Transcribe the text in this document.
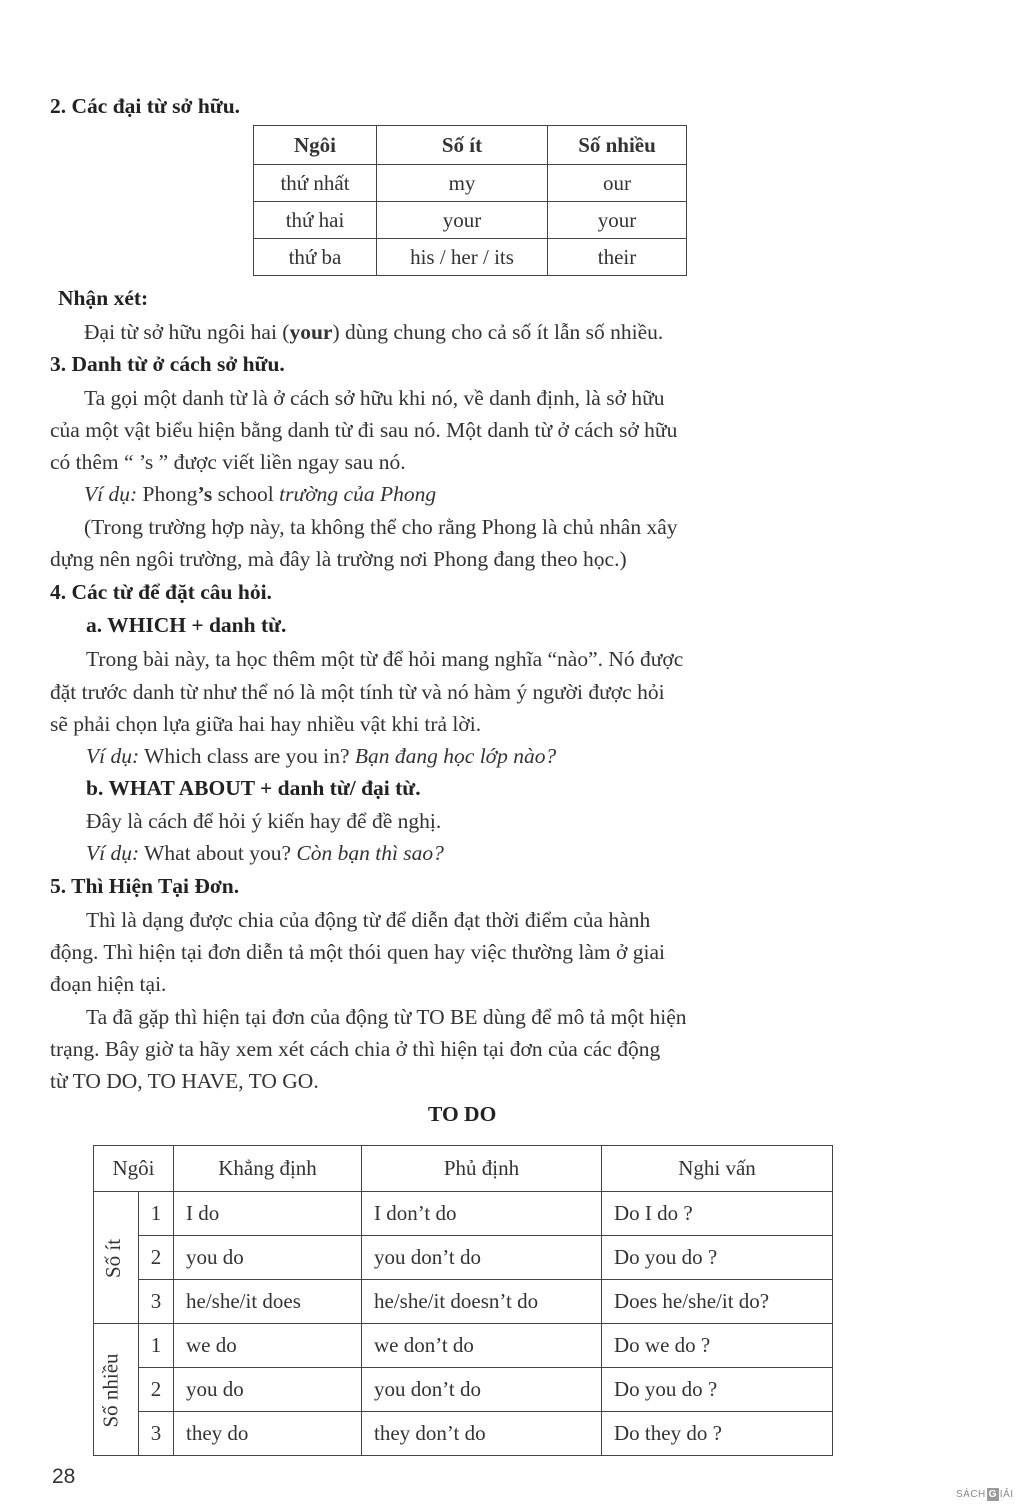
2. Các đại từ sở hữu.
Ngôi	Số ít	Số nhiều
thứ nhất	my	our
thứ hai	your	your
thứ ba	his / her / its	their
Nhận xét:
Đại từ sở hữu ngôi hai (your) dùng chung cho cả số ít lẫn số nhiều.
3. Danh từ ở cách sở hữu.
Ta gọi một danh từ là ở cách sở hữu khi nó, về danh định, là sở hữu
của một vật biểu hiện bằng danh từ đi sau nó. Một danh từ ở cách sở hữu
có thêm “ ’s ” được viết liền ngay sau nó.
Ví dụ: Phong’s school trường của Phong
(Trong trường hợp này, ta không thể cho rằng Phong là chủ nhân xây
dựng nên ngôi trường, mà đây là trường nơi Phong đang theo học.)
4. Các từ để đặt câu hỏi.
a. WHICH + danh từ.
Trong bài này, ta học thêm một từ để hỏi mang nghĩa “nào”. Nó được
đặt trước danh từ như thể nó là một tính từ và nó hàm ý người được hỏi
sẽ phải chọn lựa giữa hai hay nhiều vật khi trả lời.
Ví dụ: Which class are you in? Bạn đang học lớp nào?
b. WHAT ABOUT + danh từ/ đại từ.
Đây là cách để hỏi ý kiến hay để đề nghị.
Ví dụ: What about you? Còn bạn thì sao?
5. Thì Hiện Tại Đơn.
Thì là dạng được chia của động từ để diễn đạt thời điểm của hành
động. Thì hiện tại đơn diễn tả một thói quen hay việc thường làm ở giai
đoạn hiện tại.
Ta đã gặp thì hiện tại đơn của động từ TO BE dùng để mô tả một hiện
trạng. Bây giờ ta hãy xem xét cách chia ở thì hiện tại đơn của các động
từ TO DO, TO HAVE, TO GO.
TO DO
Ngôi		Khẳng định	Phủ định	Nghi vấn

Số ít	1	I do	I don’t do	Do I do ?
	2	you do	you don’t do	Do you do ?
	3	he/she/it does	he/she/it doesn’t do	Does he/she/it do?

Số nhiều	1	we do	we don’t do	Do we do ?
	2	you do	you don’t do	Do you do ?
	3	they do	they don’t do	Do they do ?
28
SÁCH G IẢI
